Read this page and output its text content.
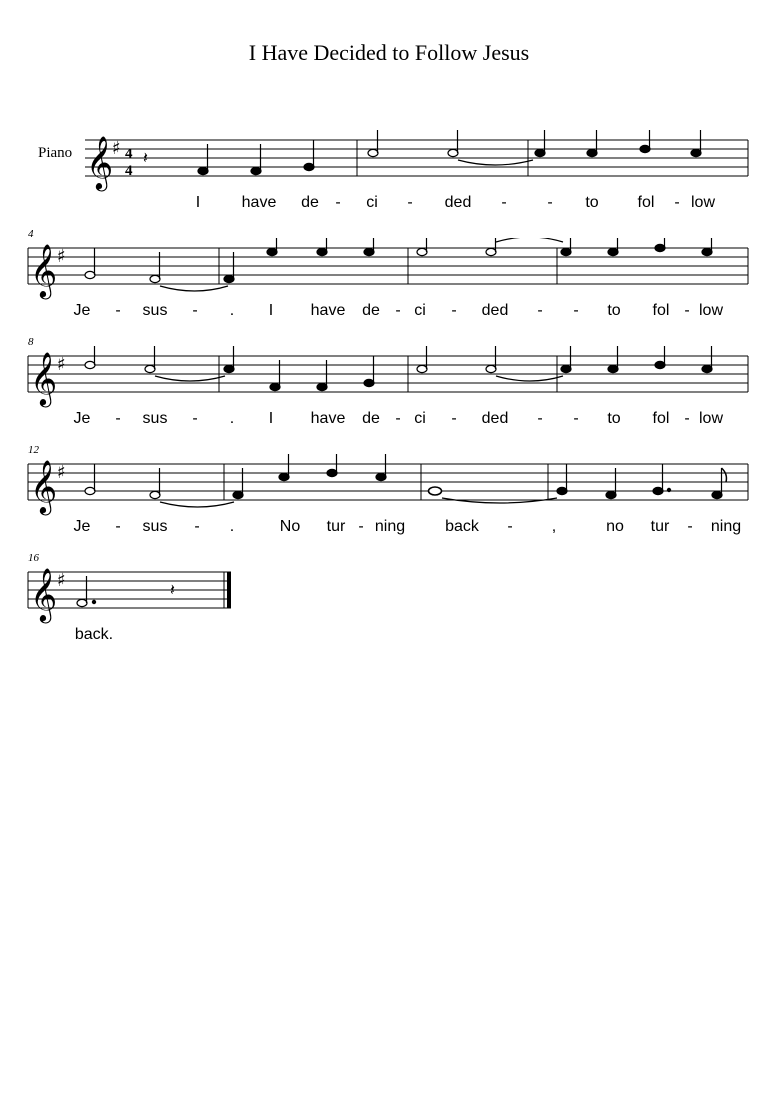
I Have Decided to Follow Jesus
Piano 𝄞
♯ 4
4
𝄽
I	have de - ci - ded -	- to fol - low
4
𝄞 ♯
Je - sus - . I have de - ci - ded - - to fol - low
8
𝄞 ♯
Je - sus - . I have de - ci - ded - - to fol - low
12
𝄞 ♯
Je - sus - .	No tur - ning back - ,	no tur - ning
16
𝄞 ♯	𝄽
back.
